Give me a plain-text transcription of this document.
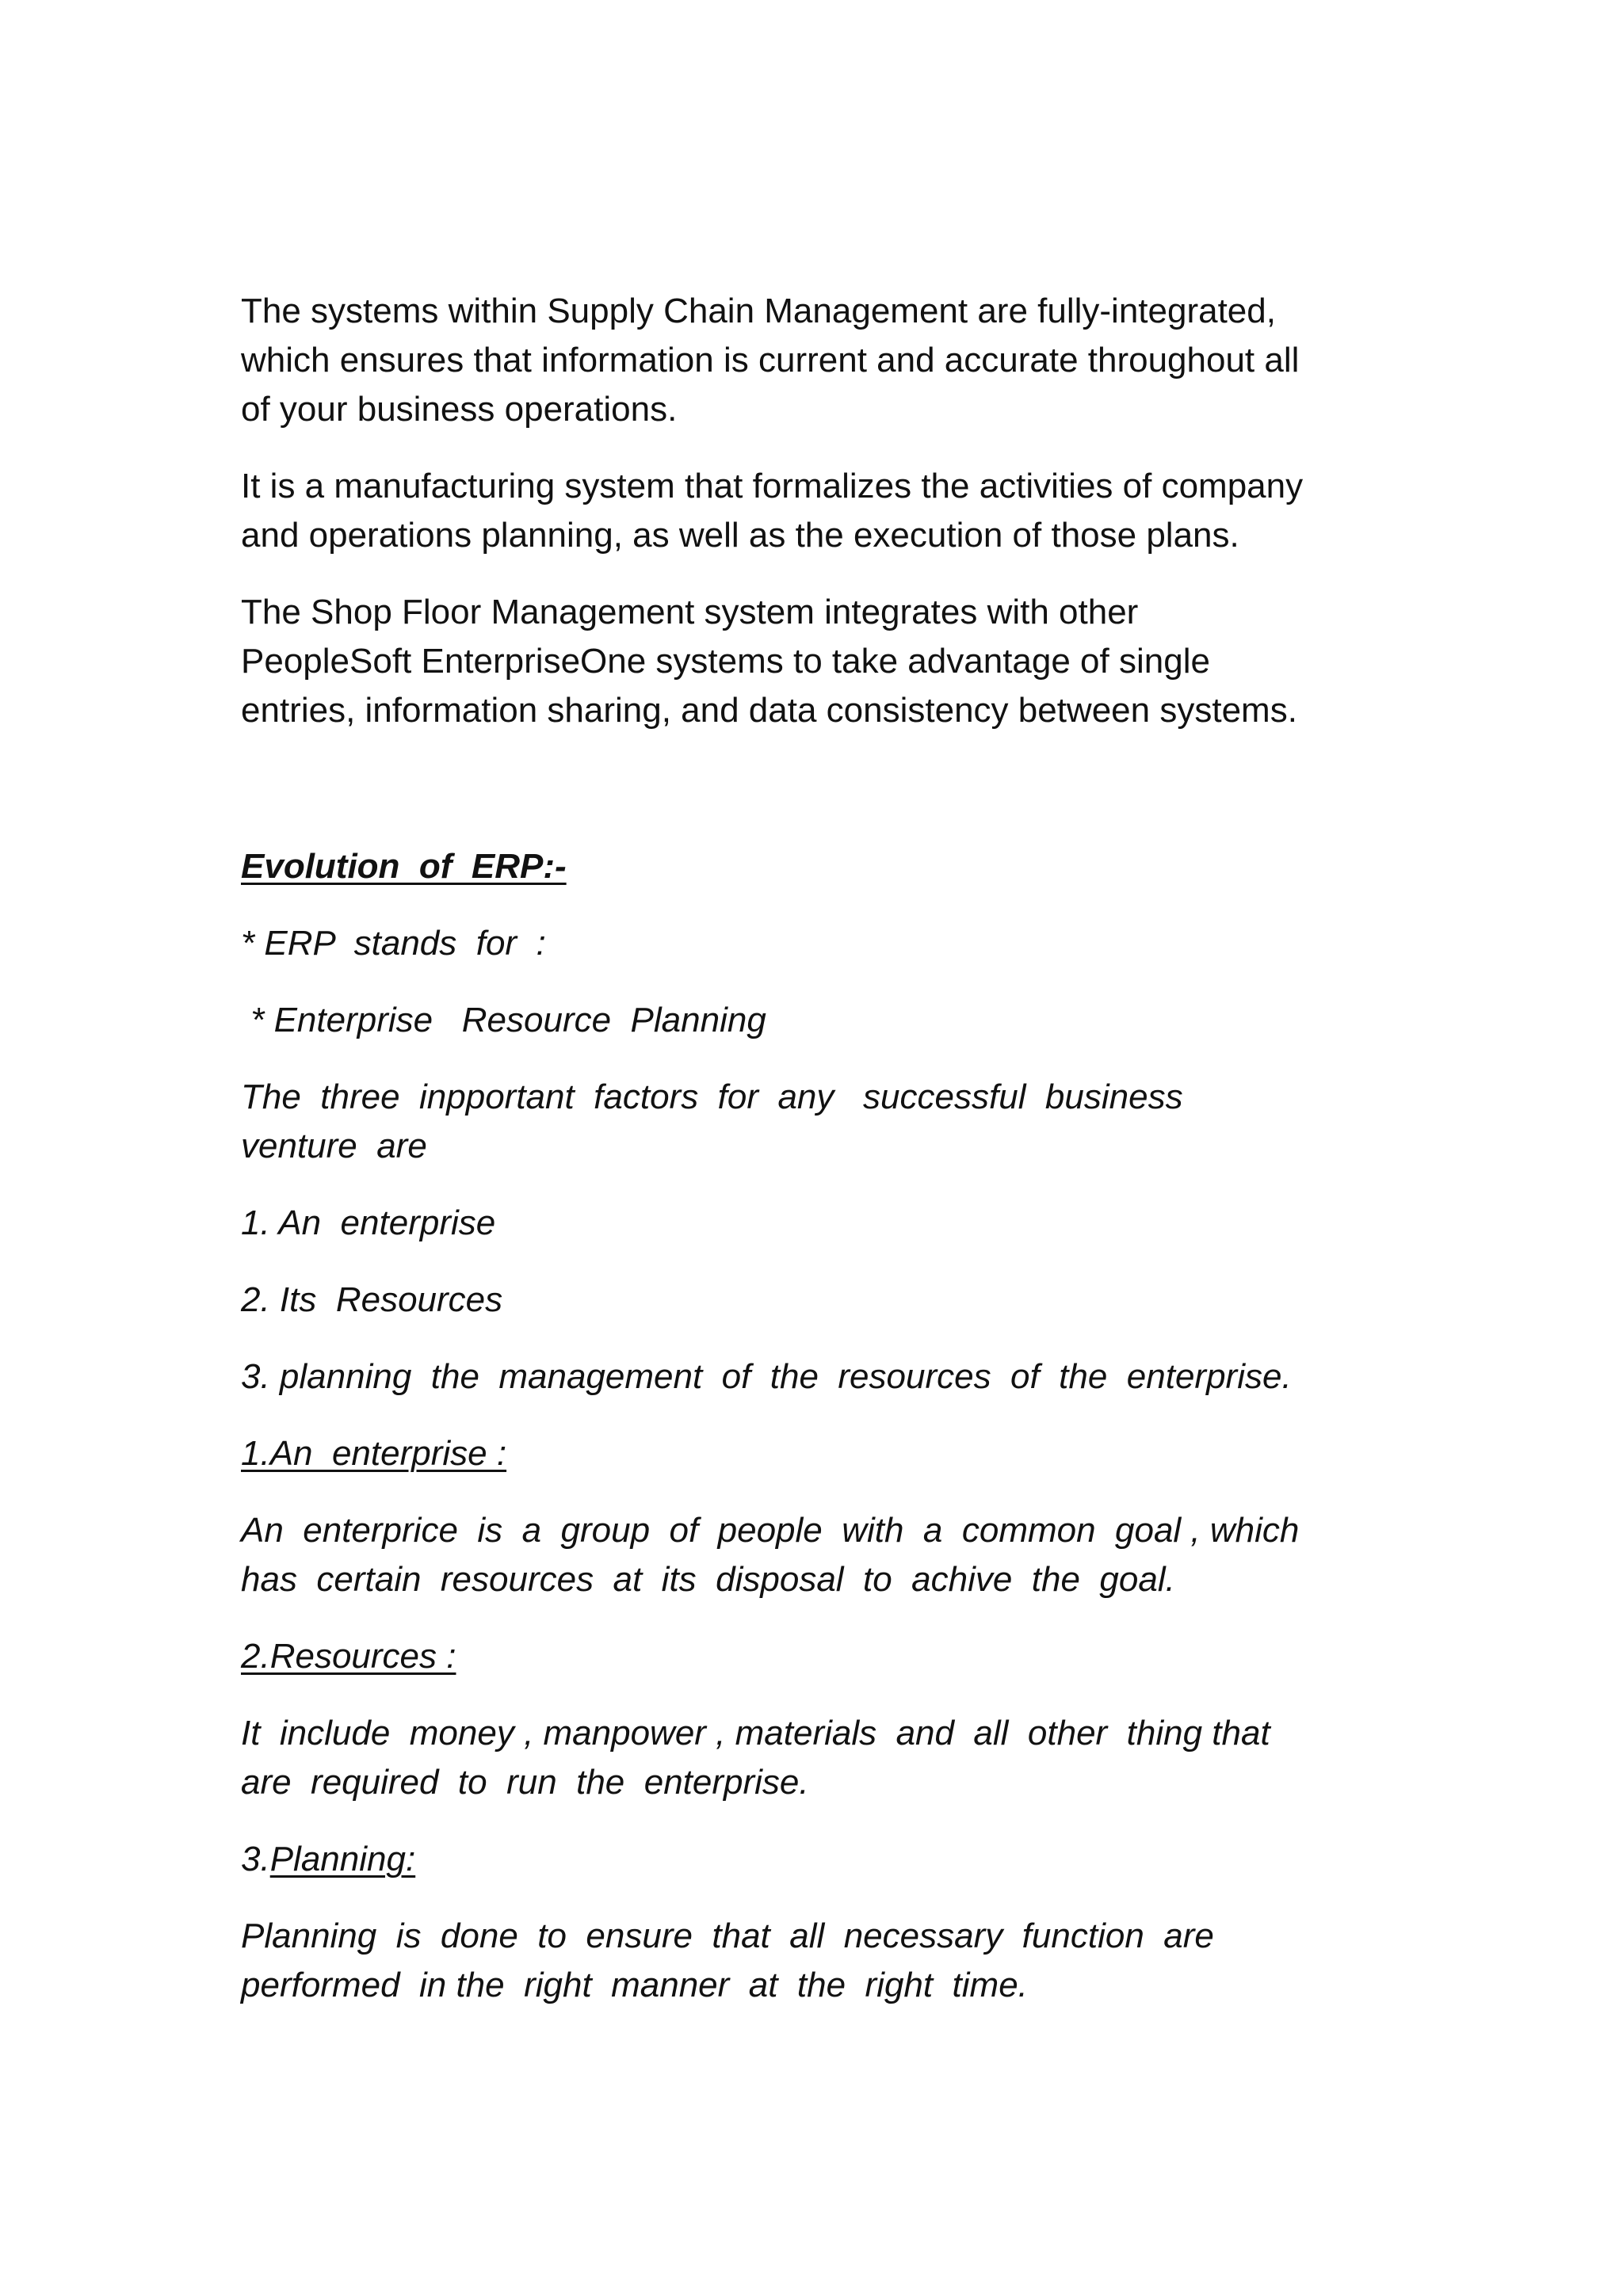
The systems within Supply Chain Management are fully-integrated,
which ensures that information is current and accurate throughout all
of your business operations.

It is a manufacturing system that formalizes the activities of company
and operations planning, as well as the execution of those plans.

The Shop Floor Management system integrates with other
PeopleSoft EnterpriseOne systems to take advantage of single
entries, information sharing, and data consistency between systems.

Evolution  of  ERP:-

* ERP  stands  for  :

* Enterprise   Resource  Planning

The  three  inpportant  factors  for  any   successful  business
venture  are

1. An  enterprise

2. Its  Resources

3. planning  the  management  of  the  resources  of  the  enterprise.

1.An  enterprise :

An  enterprice  is  a  group  of  people  with  a  common  goal , which
has  certain  resources  at  its  disposal  to  achive  the  goal.

2.Resources :

It  include  money , manpower , materials  and  all  other  thing that
are  required  to  run  the  enterprise.

3.Planning:

Planning  is  done  to  ensure  that  all  necessary  function  are
performed  in the  right  manner  at  the  right  time.
